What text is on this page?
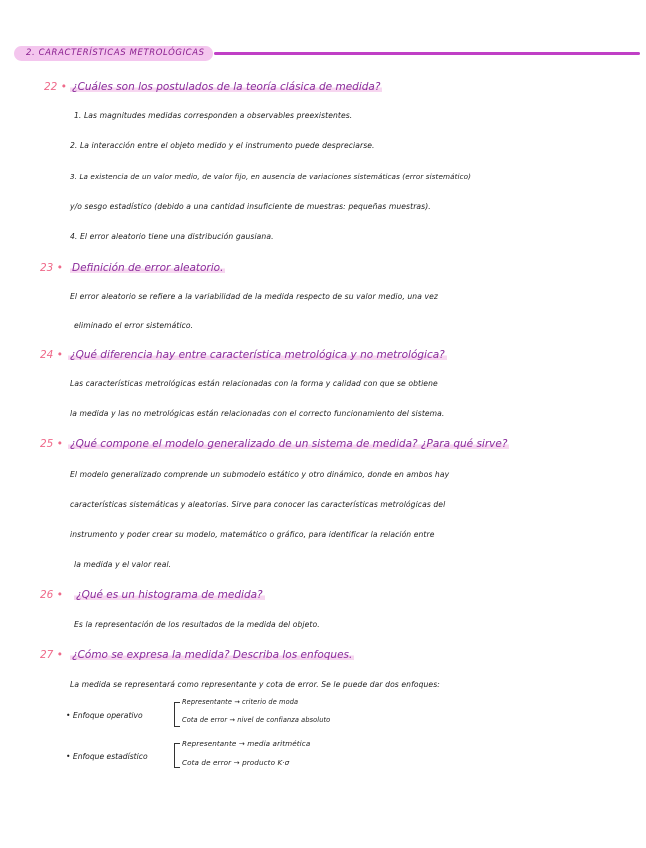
2. CARACTERÍSTICAS METROLÓGICAS
22 • ¿Cuáles son los postulados de la teoría clásica de medida?
1. Las magnitudes medidas corresponden a observables preexistentes.
2. La interacción entre el objeto medido y el instrumento puede despreciarse.
3. La existencia de un valor medio, de valor fijo, en ausencia de variaciones sistemáticas (error sistemático)
y/o sesgo estadístico (debido a una cantidad insuficiente de muestras: pequeñas muestras).
4. El error aleatorio tiene una distribución gausiana.
23 • Definición de error aleatorio.
El error aleatorio se refiere a la variabilidad de la medida respecto de su valor medio, una vez
eliminado el error sistemático.
24 • ¿Qué diferencia hay entre característica metrológica y no metrológica?
Las características metrológicas están relacionadas con la forma y calidad con que se obtiene
la medida y las no metrológicas están relacionadas con el correcto funcionamiento del sistema.
25 • ¿Qué compone el modelo generalizado de un sistema de medida? ¿Para qué sirve?
El modelo generalizado comprende un submodelo estático y otro dinámico, donde en ambos hay
características sistemáticas y aleatorias. Sirve para conocer las características metrológicas del
instrumento y poder crear su modelo, matemático o gráfico, para identificar la relación entre
la medida y el valor real.
26 • ¿Qué es un histograma de medida?
Es la representación de los resultados de la medida del objeto.
27 • ¿Cómo se expresa la medida? Describa los enfoques.
La medida se representará como representante y cota de error. Se le puede dar dos enfoques:
• Enfoque operativo
Representante → criterio de moda
Cota de error → nivel de confianza absoluto
• Enfoque estadístico
Representante → media aritmética
Cota de error → producto K·σ
